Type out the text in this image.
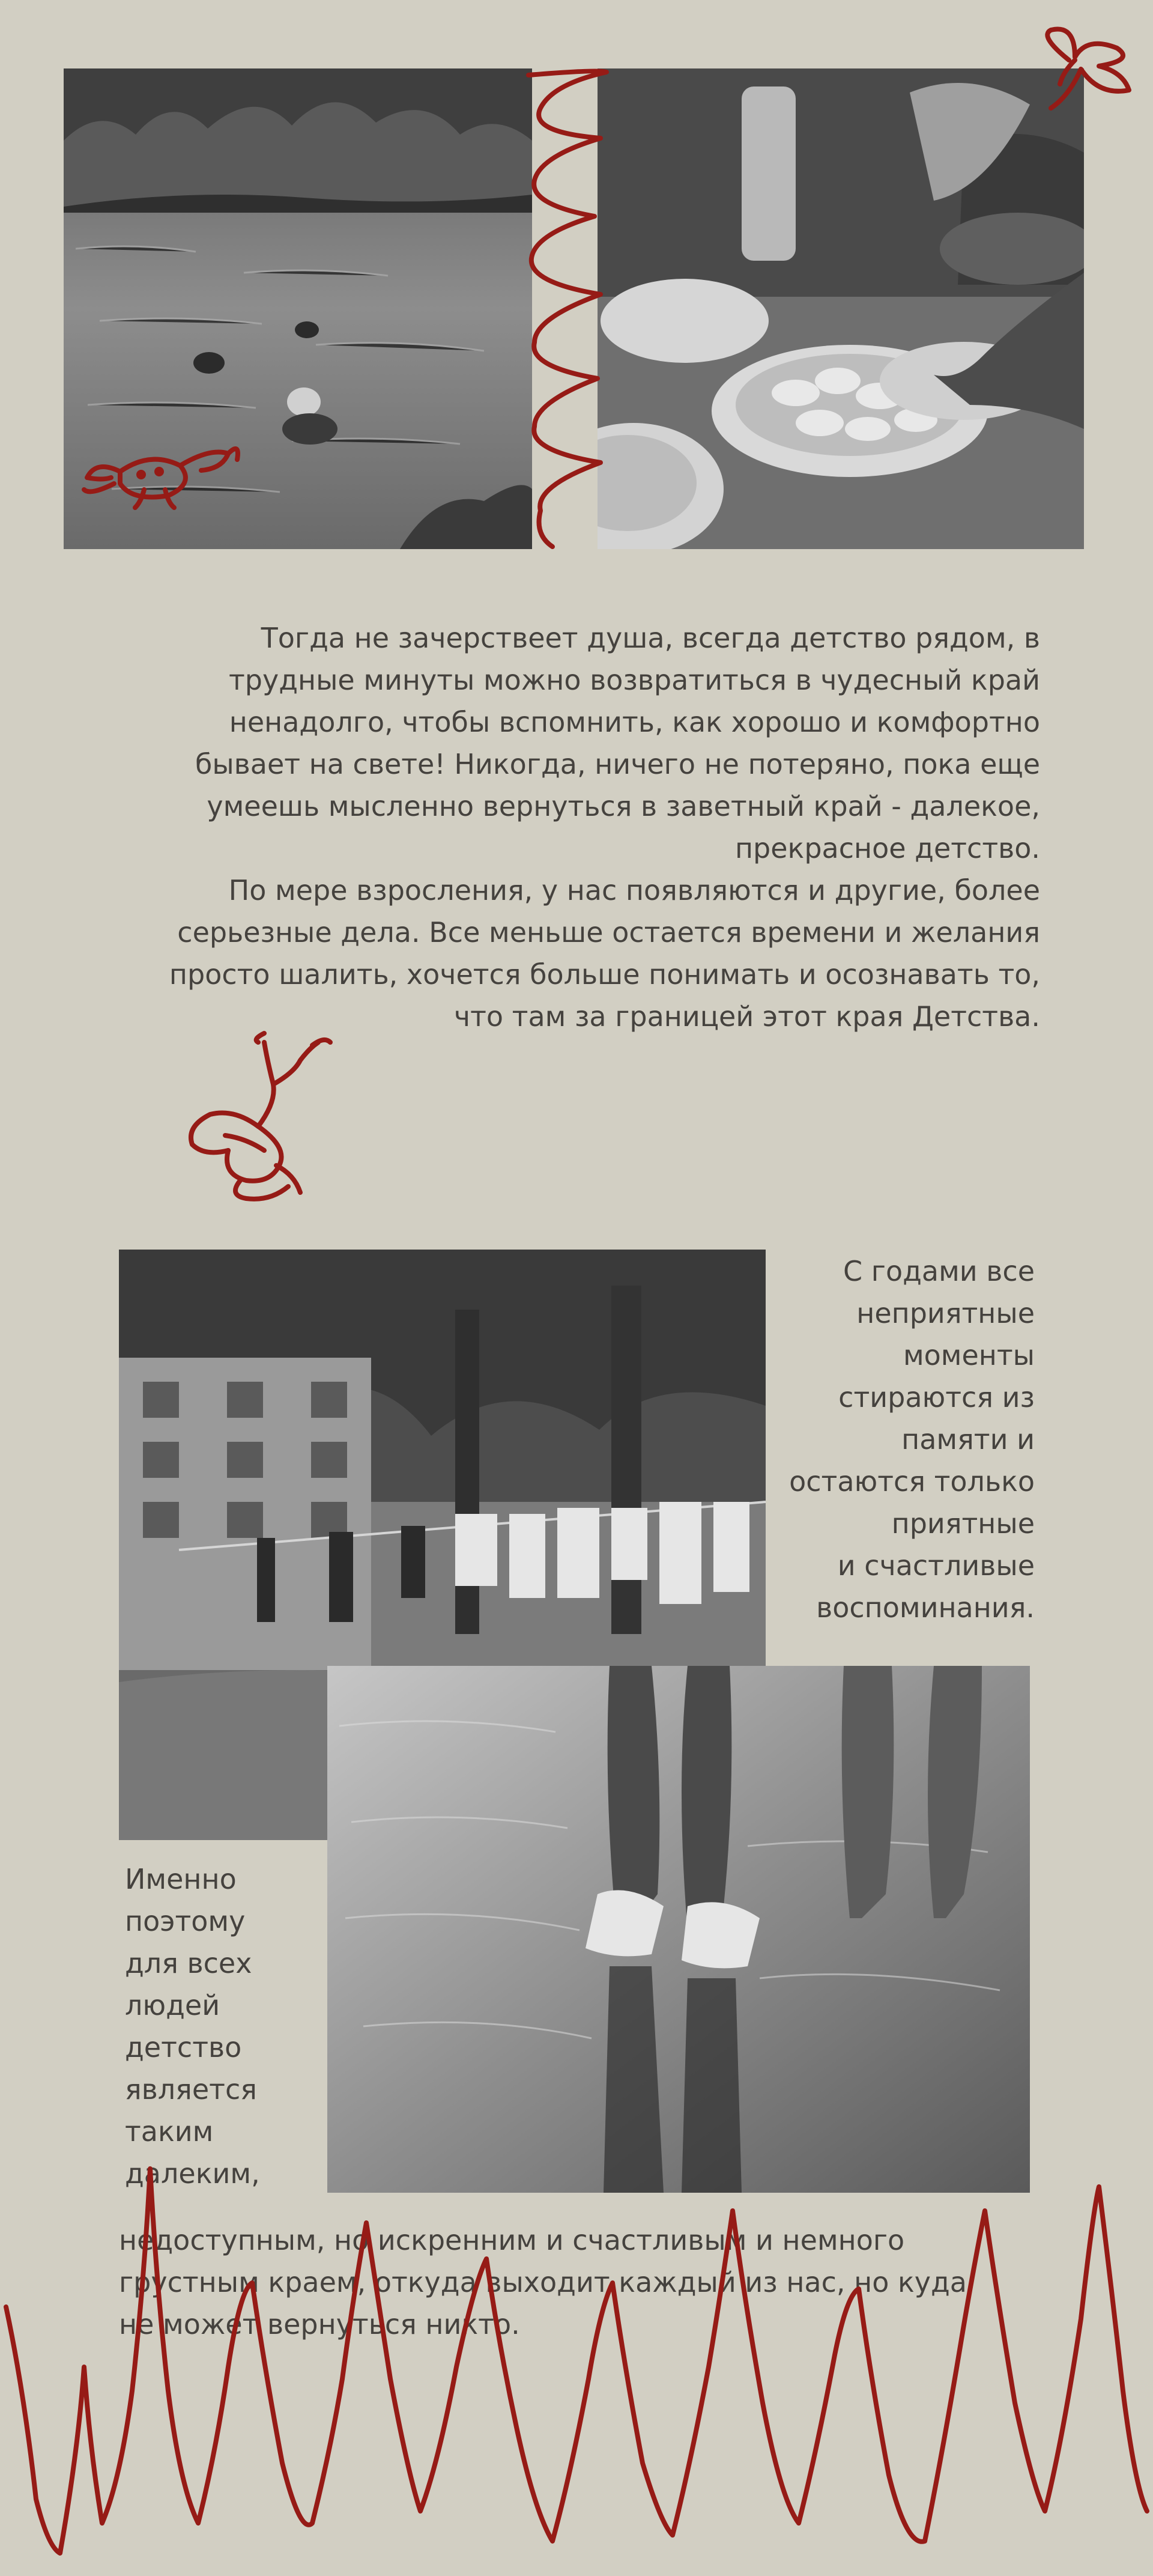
Тогда не зачерствеет душа, всегда детство рядом, в
трудные минуты можно возвратиться в чудесный край
ненадолго, чтобы вспомнить, как хорошо и комфортно
бывает на свете! Никогда, ничего не потеряно, пока еще
умеешь мысленно вернуться в заветный край - далекое,
прекрасное детство.
По мере взросления, у нас появляются и другие, более
серьезные дела. Все меньше остается времени и желания
просто шалить, хочется больше понимать и осознавать то,
что там за границей этот края Детства.
С годами все
неприятные
моменты
стираются из
памяти и
остаются только
приятные
и счастливые
воспоминания.
Именно
поэтому
для всех
людей
детство
является
таким
далеким,
недоступным, но искренним и счастливым и немного
грустным краем, откуда выходит каждый из нас, но куда
не может вернуться никто.
